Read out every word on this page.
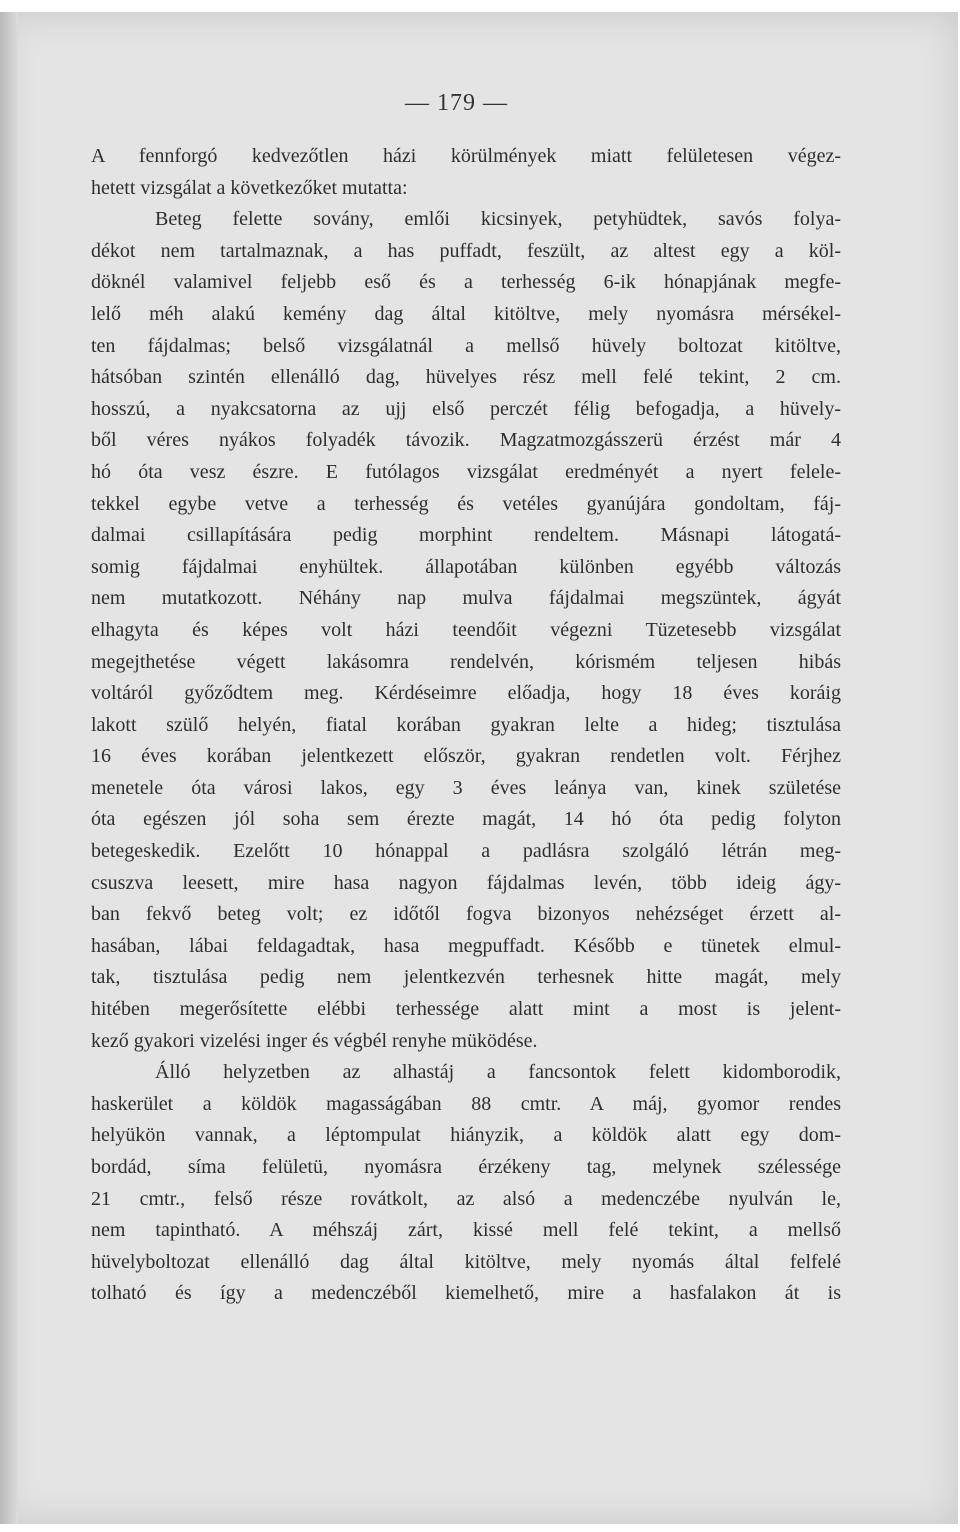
— 179 —
A fennforgó kedvezőtlen házi körülmények miatt felületesen végez-
hetett vizsgálat a következőket mutatta:
Beteg felette sovány, emlői kicsinyek, petyhüdtek, savós folya-
dékot nem tartalmaznak, a has puffadt, feszült, az altest egy a köl-
döknél valamivel feljebb eső és a terhesség 6-ik hónapjának megfe-
lelő méh alakú kemény dag által kitöltve, mely nyomásra mérsékel-
ten fájdalmas; belső vizsgálatnál a mellső hüvely boltozat kitöltve,
hátsóban szintén ellenálló dag, hüvelyes rész mell felé tekint, 2 cm.
hosszú, a nyakcsatorna az ujj első perczét félig befogadja, a hüvely-
ből véres nyákos folyadék távozik. Magzatmozgásszerü érzést már 4
hó óta vesz észre. E futólagos vizsgálat eredményét a nyert felele-
tekkel egybe vetve a terhesség és vetéles gyanújára gondoltam, fáj-
dalmai csillapítására pedig morphint rendeltem. Másnapi látogatá-
somig fájdalmai enyhültek. állapotában különben egyébb változás
nem mutatkozott. Néhány nap mulva fájdalmai megszüntek, ágyát
elhagyta és képes volt házi teendőit végezni Tüzetesebb vizsgálat
megejthetése végett lakásomra rendelvén, kórismém teljesen hibás
voltáról győződtem meg. Kérdéseimre előadja, hogy 18 éves koráig
lakott szülő helyén, fiatal korában gyakran lelte a hideg; tisztulása
16 éves korában jelentkezett először, gyakran rendetlen volt. Férjhez
menetele óta városi lakos, egy 3 éves leánya van, kinek születése
óta egészen jól soha sem érezte magát, 14 hó óta pedig folyton
betegeskedik. Ezelőtt 10 hónappal a padlásra szolgáló létrán meg-
csuszva leesett, mire hasa nagyon fájdalmas levén, több ideig ágy-
ban fekvő beteg volt; ez időtől fogva bizonyos nehézséget érzett al-
hasában, lábai feldagadtak, hasa megpuffadt. Később e tünetek elmul-
tak, tisztulása pedig nem jelentkezvén terhesnek hitte magát, mely
hitében megerősítette elébbi terhessége alatt mint a most is jelent-
kező gyakori vizelési inger és végbél renyhe müködése.
Álló helyzetben az alhastáj a fancsontok felett kidomborodik,
haskerület a köldök magasságában 88 cmtr. A máj, gyomor rendes
helyükön vannak, a léptompulat hiányzik, a köldök alatt egy dom-
bordád, síma felületü, nyomásra érzékeny tag, melynek szélessége
21 cmtr., felső része rovátkolt, az alsó a medenczébe nyulván le,
nem tapintható. A méhszáj zárt, kissé mell felé tekint, a mellső
hüvelyboltozat ellenálló dag által kitöltve, mely nyomás által felfelé
tolható és így a medenczéből kiemelhető, mire a hasfalakon át is
